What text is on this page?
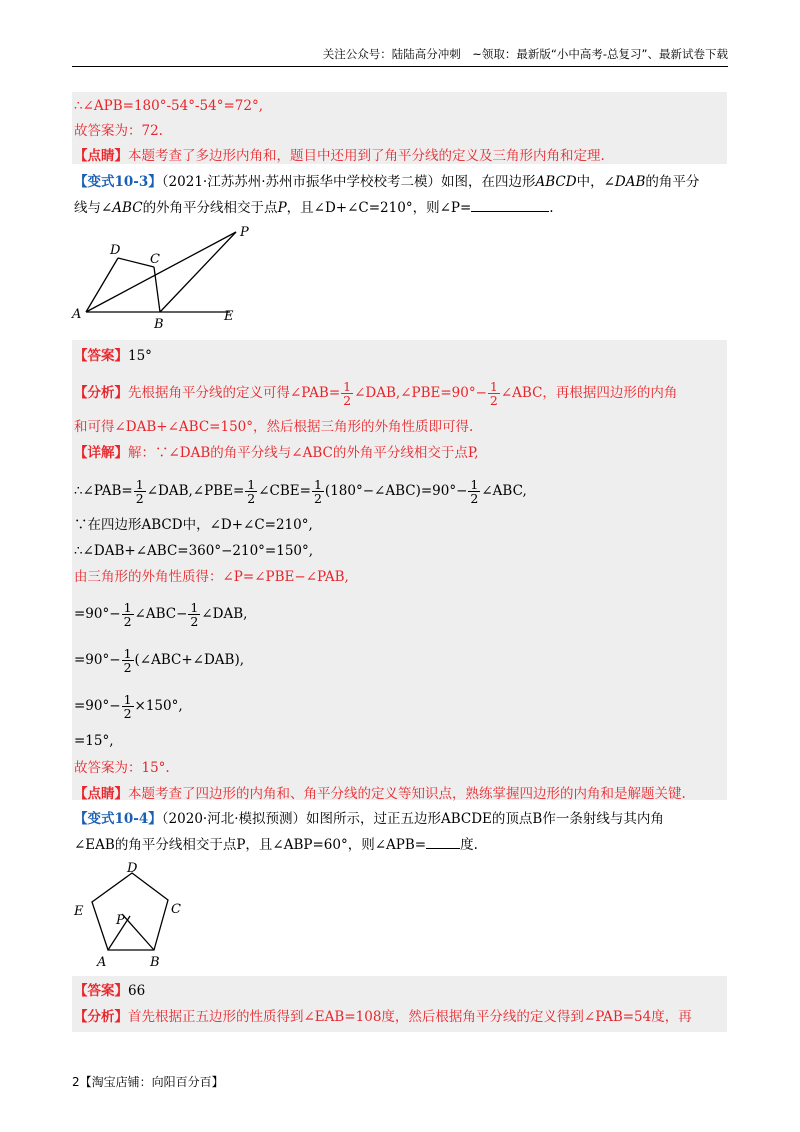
关注公众号：陆陆高分冲刺　~领取：最新版“小中高考-总复习”、最新试卷下载
∴∠APB=180°-54°-54°=72°,
故答案为：72.
【点睛】本题考查了多边形内角和，题目中还用到了角平分线的定义及三角形内角和定理.
【变式10-3】（2021·江苏苏州·苏州市振华中学校校考二模）如图，在四边形ABCD中，∠DAB的角平分
线与∠ABC的外角平分线相交于点P，且∠D+∠C=210°，则∠P=	.
D
C
P
A
B
E
【答案】15°
【分析】先根据角平分线的定义可得∠PAB= $\frac{1}{2}$ ∠DAB,∠PBE=90°− $\frac{1}{2}$ ∠ABC，再根据四边形的内角
和可得∠DAB+∠ABC=150°，然后根据三角形的外角性质即可得.
【详解】解：∵∠DAB的角平分线与∠ABC的外角平分线相交于点P,
∴∠PAB= $\frac{1}{2}$ ∠DAB,∠PBE= $\frac{1}{2}$ ∠CBE= $\frac{1}{2}$ (180°−∠ABC)=90°− $\frac{1}{2}$ ∠ABC,
∵在四边形ABCD中，∠D+∠C=210°,
∴∠DAB+∠ABC=360°−210°=150°,
由三角形的外角性质得：∠P=∠PBE−∠PAB,
$=90^\circ- \frac{1}{2}$ ∠ABC− $\frac{1}{2}$ ∠DAB,
$=90^\circ- \frac{1}{2}$ (∠ABC+∠DAB),
$=90^\circ- \frac{1}{2} \times 150^\circ$,
=15°,
故答案为：15°.
【点睛】本题考查了四边形的内角和、角平分线的定义等知识点，熟练掌握四边形的内角和是解题关键.
【变式10-4】（2020·河北·模拟预测）如图所示，过正五边形ABCDE的顶点B作一条射线与其内角
∠EAB的角平分线相交于点P，且∠ABP=60°，则∠APB=	度.
D
E	C
P
A	B
【答案】66
【分析】首先根据正五边形的性质得到∠EAB=108度，然后根据角平分线的定义得到∠PAB=54度，再
2【淘宝店铺：向阳百分百】
